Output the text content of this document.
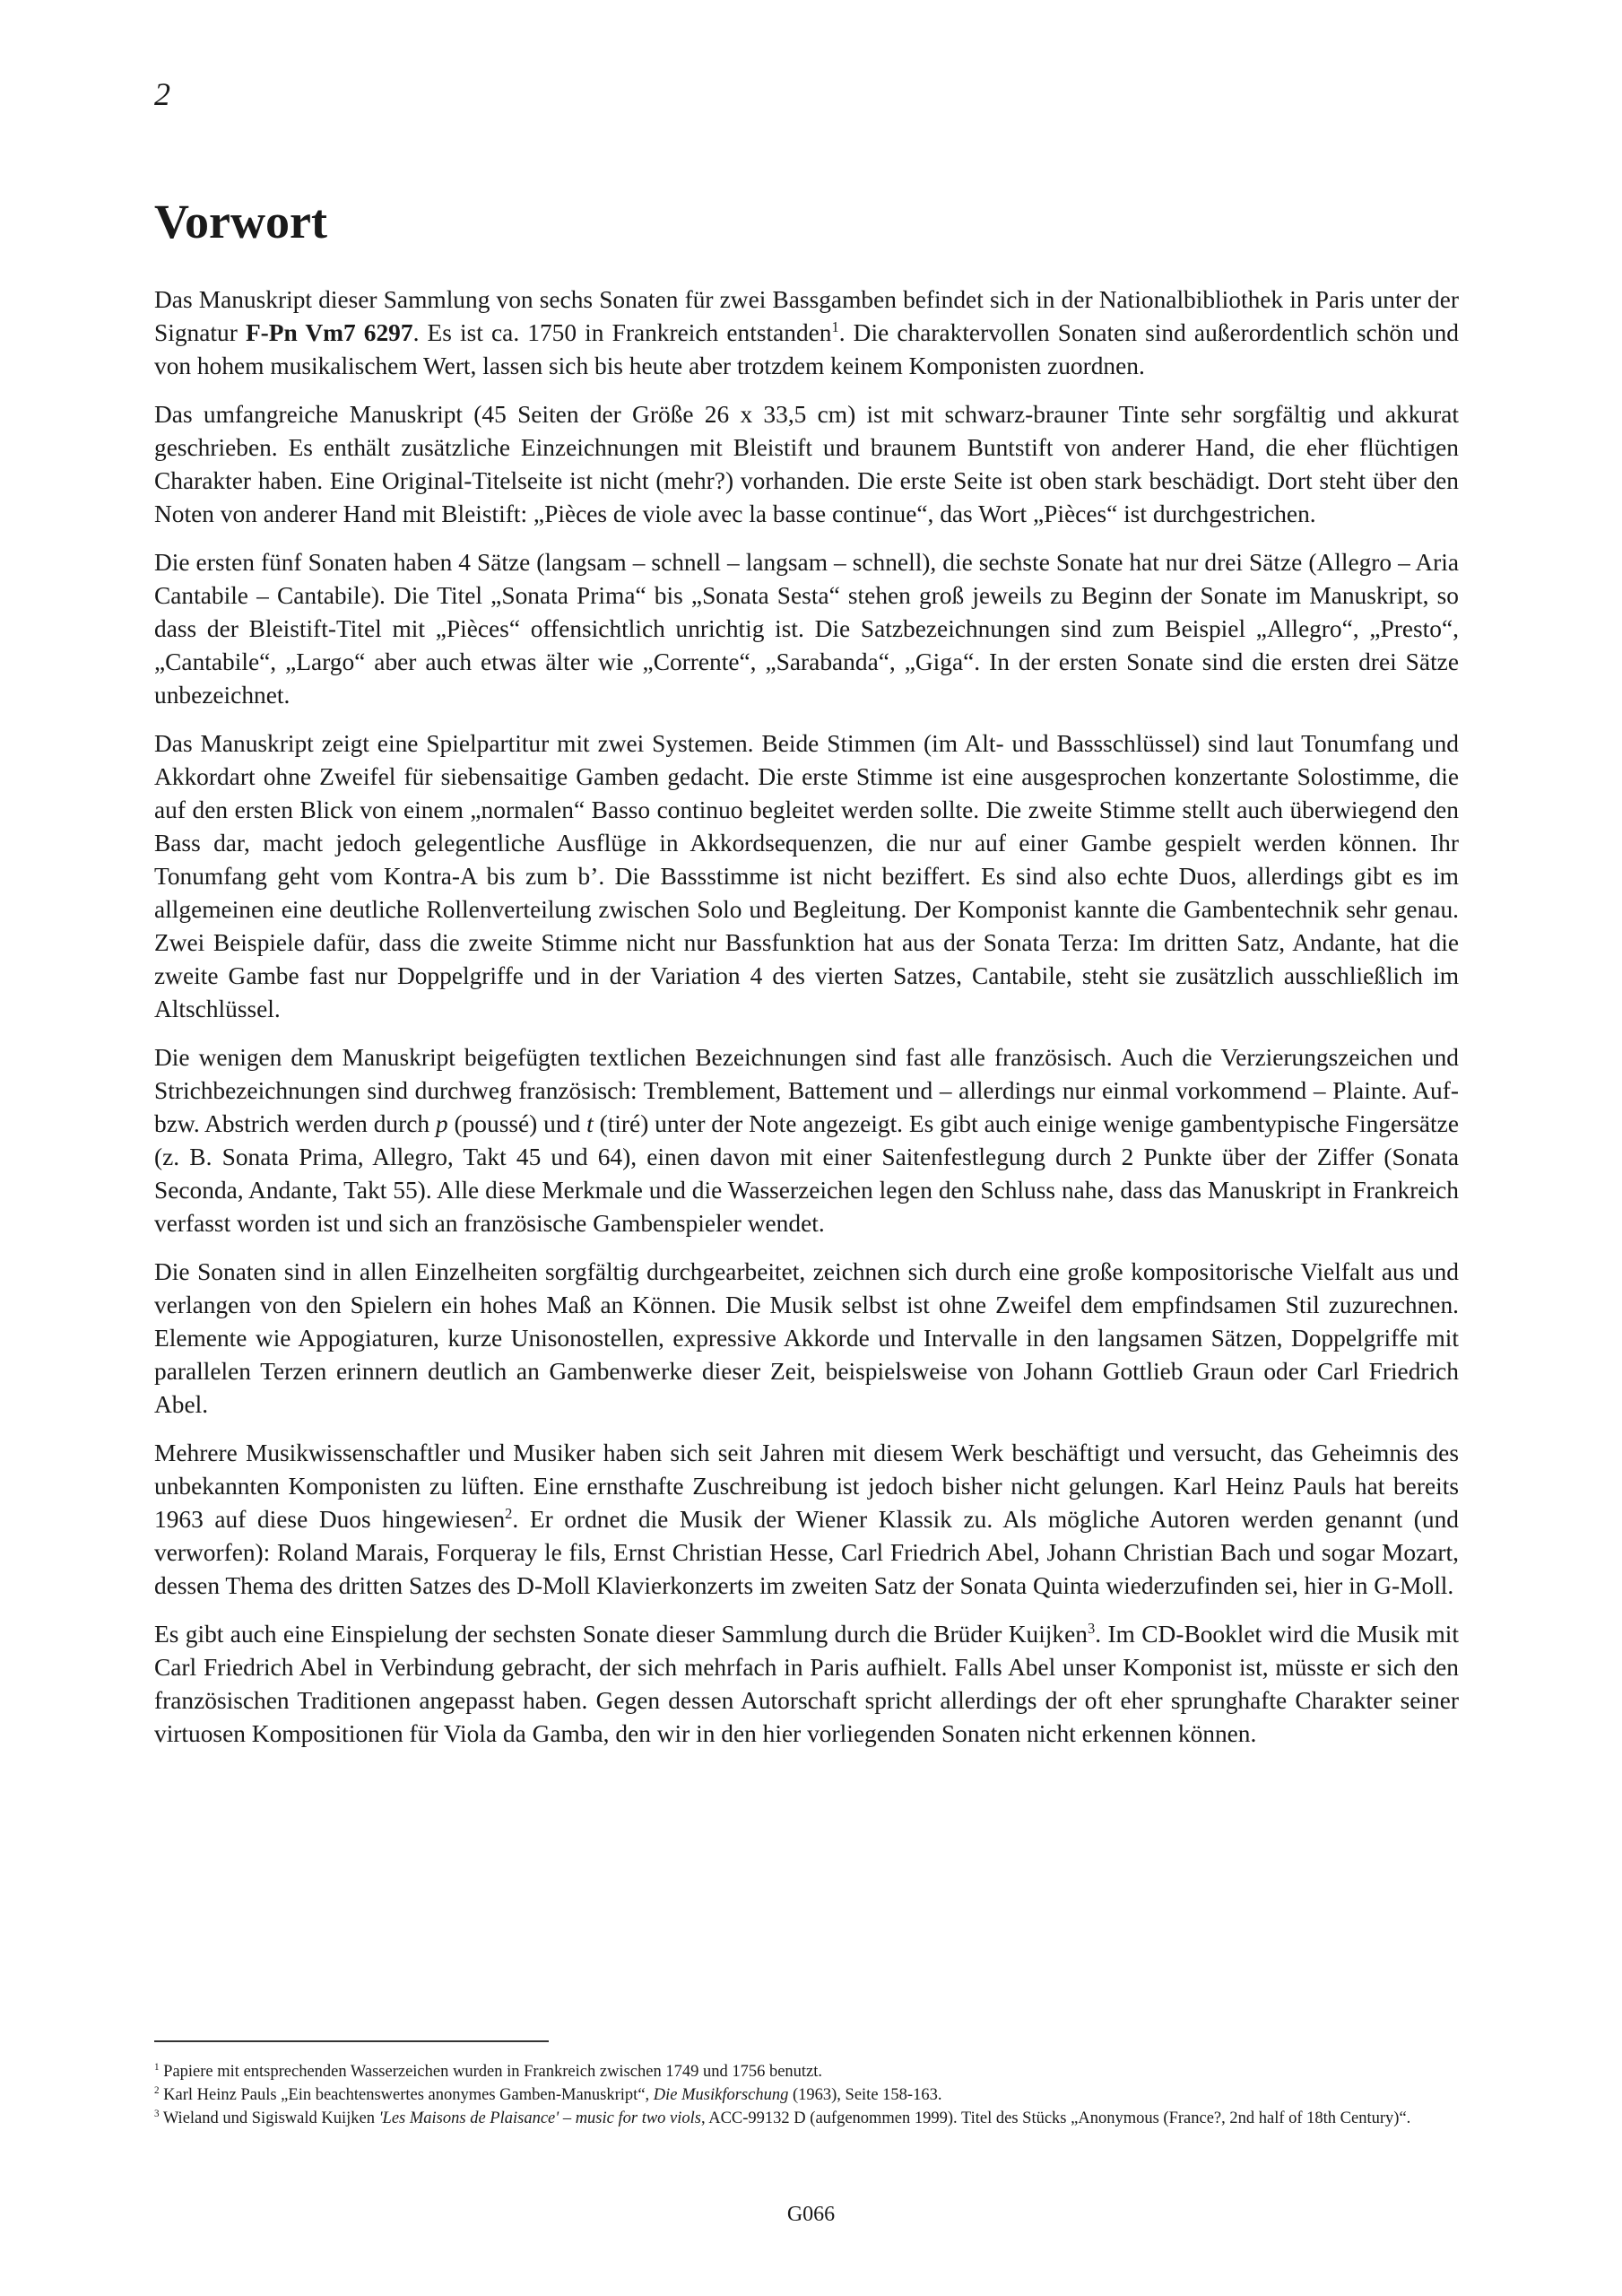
2
Vorwort

Das Manuskript dieser Sammlung von sechs Sonaten für zwei Bassgamben befindet sich in der Nationalbibliothek in Paris unter der Signatur F-Pn Vm7 6297. Es ist ca. 1750 in Frankreich entstanden$^1$. Die charaktervollen Sonaten sind außerordentlich schön und von hohem musikalischem Wert, lassen sich bis heute aber trotzdem keinem Komponisten zuordnen.

Das umfangreiche Manuskript (45 Seiten der Größe 26 x 33,5 cm) ist mit schwarz-brauner Tinte sehr sorgfältig und akkurat geschrieben. Es enthält zusätzliche Einzeichnungen mit Bleistift und braunem Buntstift von anderer Hand, die eher flüchtigen Charakter haben. Eine Original-Titelseite ist nicht (mehr?) vorhanden. Die erste Seite ist oben stark beschädigt. Dort steht über den Noten von anderer Hand mit Bleistift: „Pièces de viole avec la basse continue“, das Wort „Pièces“ ist durchgestrichen.

Die ersten fünf Sonaten haben 4 Sätze (langsam – schnell – langsam – schnell), die sechste Sonate hat nur drei Sätze (Allegro – Aria Cantabile – Cantabile). Die Titel „Sonata Prima“ bis „Sonata Sesta“ stehen groß jeweils zu Beginn der Sonate im Manuskript, so dass der Bleistift-Titel mit „Pièces“ offensichtlich unrichtig ist. Die Satzbezeichnungen sind zum Beispiel „Allegro“, „Presto“, „Cantabile“, „Largo“ aber auch etwas älter wie „Corrente“, „Sarabanda“, „Giga“. In der ersten Sonate sind die ersten drei Sätze unbezeichnet.

Das Manuskript zeigt eine Spielpartitur mit zwei Systemen. Beide Stimmen (im Alt- und Bassschlüssel) sind laut Tonumfang und Akkordart ohne Zweifel für siebensaitige Gamben gedacht. Die erste Stimme ist eine ausgesprochen konzertante Solostimme, die auf den ersten Blick von einem „normalen“ Basso continuo begleitet werden sollte. Die zweite Stimme stellt auch überwiegend den Bass dar, macht jedoch gelegentliche Ausflüge in Akkordsequenzen, die nur auf einer Gambe gespielt werden können. Ihr Tonumfang geht vom Kontra-A bis zum b’. Die Bassstimme ist nicht beziffert. Es sind also echte Duos, allerdings gibt es im allgemeinen eine deutliche Rollenverteilung zwischen Solo und Begleitung. Der Komponist kannte die Gambentechnik sehr genau. Zwei Beispiele dafür, dass die zweite Stimme nicht nur Bassfunktion hat aus der Sonata Terza: Im dritten Satz, Andante, hat die zweite Gambe fast nur Doppelgriffe und in der Variation 4 des vierten Satzes, Cantabile, steht sie zusätzlich ausschließlich im Altschlüssel.

Die wenigen dem Manuskript beigefügten textlichen Bezeichnungen sind fast alle französisch. Auch die Verzierungszeichen und Strichbezeichnungen sind durchweg französisch: Tremblement, Battement und – allerdings nur einmal vorkommend – Plainte. Auf- bzw. Abstrich werden durch p (poussé) und t (tiré) unter der Note angezeigt. Es gibt auch einige wenige gambentypische Fingersätze (z. B. Sonata Prima, Allegro, Takt 45 und 64), einen davon mit einer Saitenfestlegung durch 2 Punkte über der Ziffer (Sonata Seconda, Andante, Takt 55). Alle diese Merkmale und die Wasserzeichen legen den Schluss nahe, dass das Manuskript in Frankreich verfasst worden ist und sich an französische Gambenspieler wendet.

Die Sonaten sind in allen Einzelheiten sorgfältig durchgearbeitet, zeichnen sich durch eine große kompositorische Vielfalt aus und verlangen von den Spielern ein hohes Maß an Können. Die Musik selbst ist ohne Zweifel dem empfindsamen Stil zuzurechnen. Elemente wie Appogiaturen, kurze Unisonostellen, expressive Akkorde und Intervalle in den langsamen Sätzen, Doppelgriffe mit parallelen Terzen erinnern deutlich an Gambenwerke dieser Zeit, beispielsweise von Johann Gottlieb Graun oder Carl Friedrich Abel.

Mehrere Musikwissenschaftler und Musiker haben sich seit Jahren mit diesem Werk beschäftigt und versucht, das Geheimnis des unbekannten Komponisten zu lüften. Eine ernsthafte Zuschreibung ist jedoch bisher nicht gelungen. Karl Heinz Pauls hat bereits 1963 auf diese Duos hingewiesen$^2$. Er ordnet die Musik der Wiener Klassik zu. Als mögliche Autoren werden genannt (und verworfen): Roland Marais, Forqueray le fils, Ernst Christian Hesse, Carl Friedrich Abel, Johann Christian Bach und sogar Mozart, dessen Thema des dritten Satzes des D-Moll Klavierkonzerts im zweiten Satz der Sonata Quinta wiederzufinden sei, hier in G-Moll.

Es gibt auch eine Einspielung der sechsten Sonate dieser Sammlung durch die Brüder Kuijken$^3$. Im CD-Booklet wird die Musik mit Carl Friedrich Abel in Verbindung gebracht, der sich mehrfach in Paris aufhielt. Falls Abel unser Komponist ist, müsste er sich den französischen Traditionen angepasst haben. Gegen dessen Autorschaft spricht allerdings der oft eher sprunghafte Charakter seiner virtuosen Kompositionen für Viola da Gamba, den wir in den hier vorliegenden Sonaten nicht erkennen können.

$^1$ Papiere mit entsprechenden Wasserzeichen wurden in Frankreich zwischen 1749 und 1756 benutzt.

$^2$ Karl Heinz Pauls „Ein beachtenswertes anonymes Gamben-Manuskript“, Die Musikforschung (1963), Seite 158-163.

$^3$ Wieland und Sigiswald Kuijken 'Les Maisons de Plaisance' – music for two viols, ACC-99132 D (aufgenommen 1999). Titel des Stücks „Anonymous (France?, 2nd half of 18th Century)“.

G066
